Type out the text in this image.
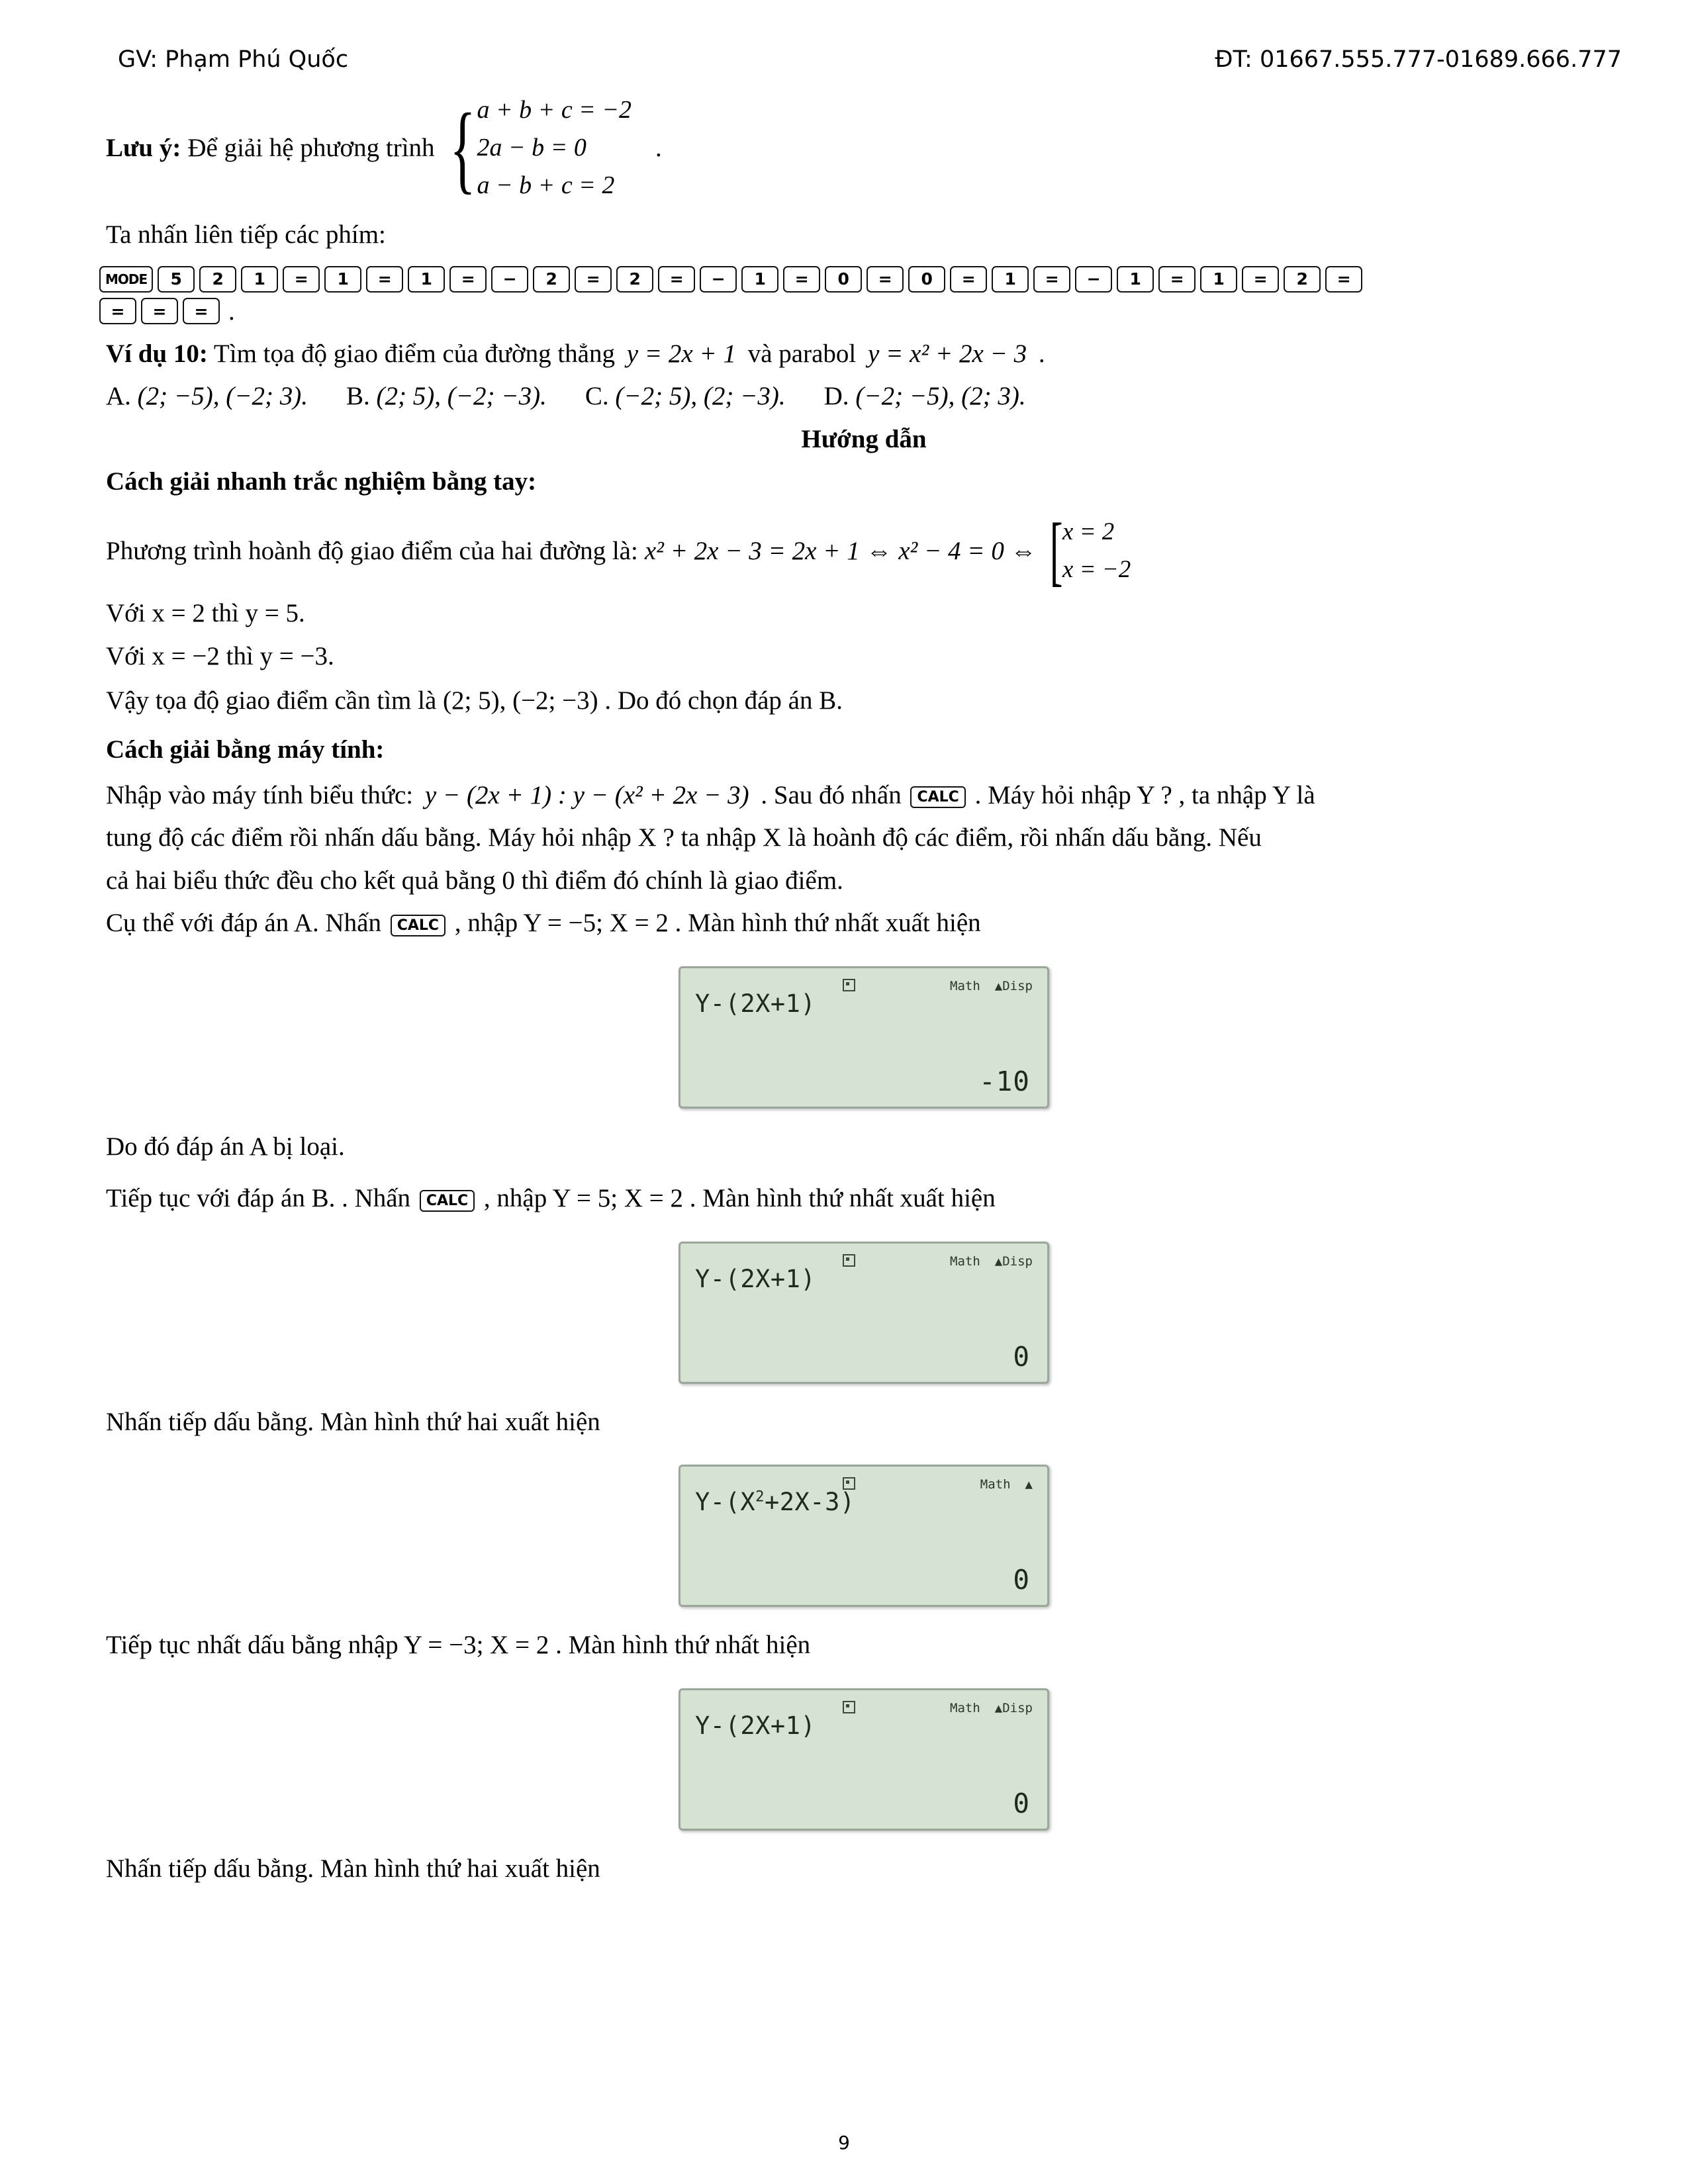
GV: Phạm Phú Quốc	ĐT: 01667.555.777-01689.666.777
Lưu ý: Để giải hệ phương trình { a + b + c = −2
2a − b = 0
a − b + c = 2
.
Ta nhấn liên tiếp các phím:
MODE	5	2	1	=	1	=	1	=	−	2	=	2	=	−	1	=	0	=	0	=	1	=	−	1	=	1	=	2	=
=	=	= .
Ví dụ 10: Tìm tọa độ giao điểm của đường thẳng y = 2x + 1 và parabol y = x² + 2x − 3 .
A. (2; −5), (−2; 3). B. (2; 5), (−2; −3). C. (−2; 5), (2; −3). D. (−2; −5), (2; 3).
Hướng dẫn
Cách giải nhanh trắc nghiệm bằng tay:
Phương trình hoành độ giao điểm của hai đường là: x² + 2x − 3 = 2x + 1 ⇔ x² − 4 = 0 ⇔ [ x = 2
x = −2
Với x = 2 thì y = 5.
Với x = −2 thì y = −3.
Vậy tọa độ giao điểm cần tìm là (2; 5), (−2; −3) . Do đó chọn đáp án B.
Cách giải bằng máy tính:
Nhập vào máy tính biểu thức: y − (2x + 1) : y − (x² + 2x − 3) . Sau đó nhấn CALC . Máy hỏi nhập Y ? , ta nhập Y là
tung độ các điểm rồi nhấn dấu bằng. Máy hỏi nhập X ? ta nhập X là hoành độ các điểm, rồi nhấn dấu bằng. Nếu
cả hai biểu thức đều cho kết quả bằng 0 thì điểm đó chính là giao điểm.
Cụ thể với đáp án A. Nhấn CALC , nhập Y = −5; X = 2 . Màn hình thứ nhất xuất hiện
Math ▲Disp
Y-(2X+1)
-10
Do đó đáp án A bị loại.
Tiếp tục với đáp án B. . Nhấn CALC , nhập Y = 5; X = 2 . Màn hình thứ nhất xuất hiện
Math ▲Disp
Y-(2X+1)
0
Nhấn tiếp dấu bằng. Màn hình thứ hai xuất hiện
Math ▲
$Y-(X^2+2X-3)$
0
Tiếp tục nhất dấu bằng nhập Y = −3; X = 2 . Màn hình thứ nhất hiện
Math ▲Disp
Y-(2X+1)
0
Nhấn tiếp dấu bằng. Màn hình thứ hai xuất hiện
9
